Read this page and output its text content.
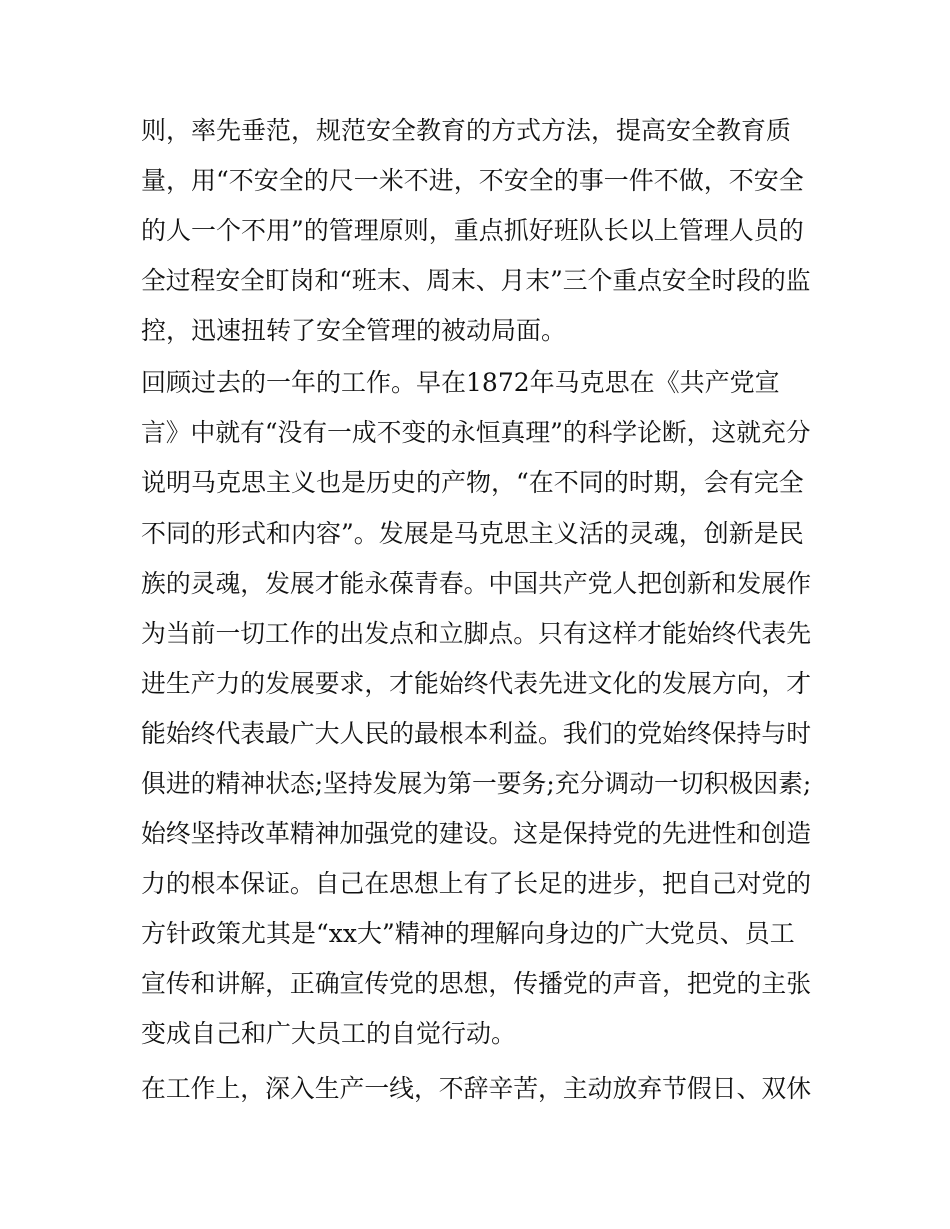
则，率先垂范，规范安全教育的方式方法，提高安全教育质
量，用“不安全的尺一米不进，不安全的事一件不做，不安全
的人一个不用”的管理原则，重点抓好班队长以上管理人员的
全过程安全盯岗和“班末、周末、月末”三个重点安全时段的监
控，迅速扭转了安全管理的被动局面。
回顾过去的一年的工作。早在1872年马克思在《共产党宣
言》中就有“没有一成不变的永恒真理”的科学论断，这就充分
说明马克思主义也是历史的产物，“在不同的时期，会有完全
不同的形式和内容”。发展是马克思主义活的灵魂，创新是民
族的灵魂，发展才能永葆青春。中国共产党人把创新和发展作
为当前一切工作的出发点和立脚点。只有这样才能始终代表先
进生产力的发展要求，才能始终代表先进文化的发展方向，才
能始终代表最广大人民的最根本利益。我们的党始终保持与时
俱进的精神状态;坚持发展为第一要务;充分调动一切积极因素;
始终坚持改革精神加强党的建设。这是保持党的先进性和创造
力的根本保证。自己在思想上有了长足的进步，把自己对党的
方针政策尤其是“xx大”精神的理解向身边的广大党员、员工
宣传和讲解，正确宣传党的思想，传播党的声音，把党的主张
变成自己和广大员工的自觉行动。
在工作上，深入生产一线，不辞辛苦，主动放弃节假日、双休
